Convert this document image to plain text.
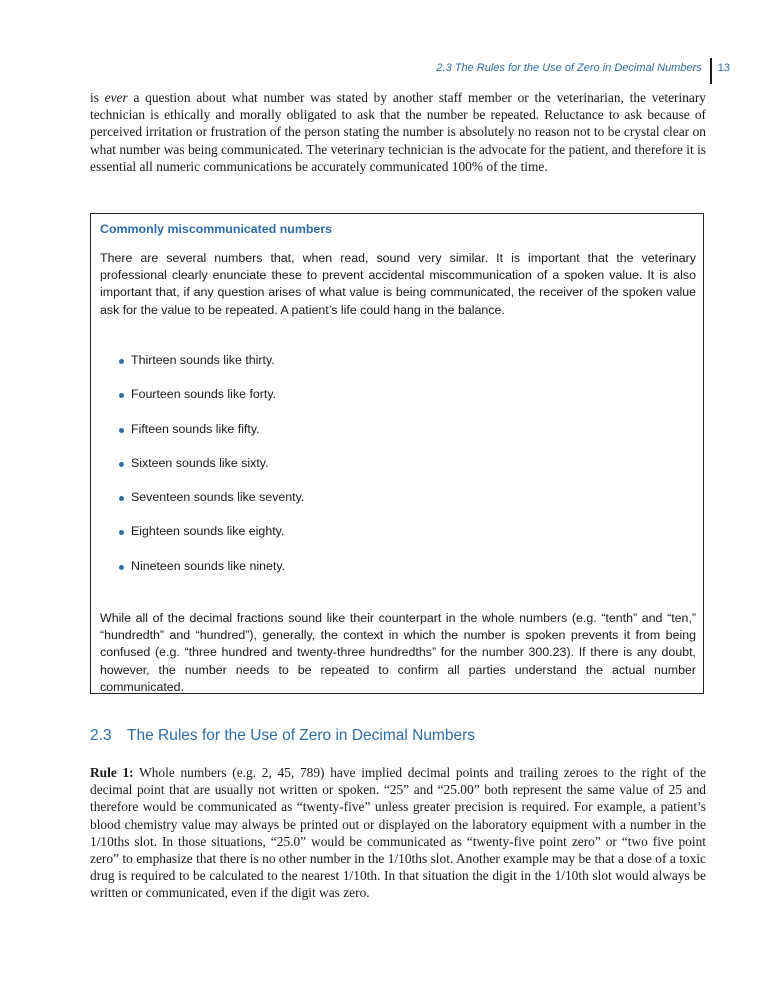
2.3 The Rules for the Use of Zero in Decimal Numbers	13

is ever a question about what number was stated by another staff member or the veterinarian, the veterinary technician is ethically and morally obligated to ask that the number be repeated. Reluctance to ask because of perceived irritation or frustration of the person stating the number is absolutely no reason not to be crystal clear on what number was being communicated. The veterinary technician is the advocate for the patient, and therefore it is essential all numeric communications be accurately communicated 100% of the time.

Commonly miscommunicated numbers

There are several numbers that, when read, sound very similar. It is important that the veterinary professional clearly enunciate these to prevent accidental miscommunication of a spoken value. It is also important that, if any question arises of what value is being communicated, the receiver of the spoken value ask for the value to be repeated. A patient’s life could hang in the balance.

Thirteen sounds like thirty.
Fourteen sounds like forty.
Fifteen sounds like fifty.
Sixteen sounds like sixty.
Seventeen sounds like seventy.
Eighteen sounds like eighty.
Nineteen sounds like ninety.

While all of the decimal fractions sound like their counterpart in the whole numbers (e.g. “tenth” and “ten,” “hundredth” and “hundred”), generally, the context in which the number is spoken prevents it from being confused (e.g. “three hundred and twenty-three hundredths” for the number 300.23). If there is any doubt, however, the number needs to be repeated to confirm all parties understand the actual number communicated.

2.3 The Rules for the Use of Zero in Decimal Numbers

Rule 1: Whole numbers (e.g. 2, 45, 789) have implied decimal points and trailing zeroes to the right of the decimal point that are usually not written or spoken. “25” and “25.00” both represent the same value of 25 and therefore would be communicated as “twenty-five” unless greater precision is required. For example, a patient’s blood chemistry value may always be printed out or displayed on the laboratory equipment with a number in the 1/10ths slot. In those situations, “25.0” would be communicated as “twenty-five point zero” or “two five point zero” to emphasize that there is no other number in the 1/10ths slot. Another example may be that a dose of a toxic drug is required to be calculated to the nearest 1/10th. In that situation the digit in the 1/10th slot would always be written or communicated, even if the digit was zero.
